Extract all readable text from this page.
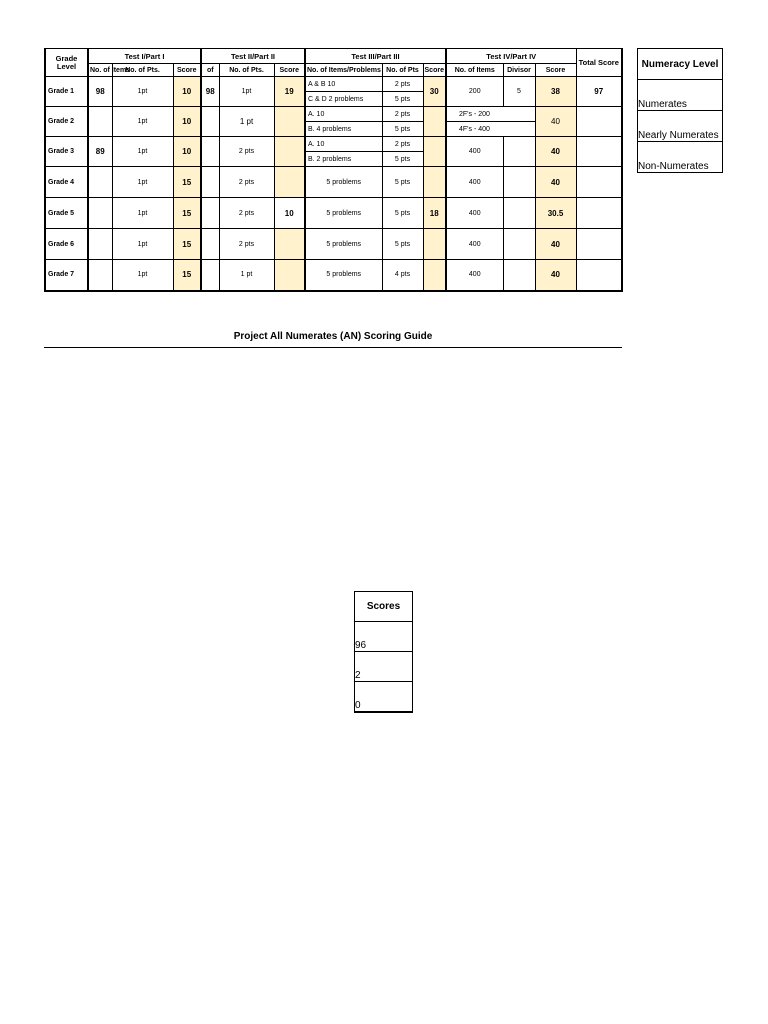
Grade Level	Test I/Part I			Test II/Part II			Test III/Part III			Test IV/Part IV			Total Score
	No. of Items	No. of Pts.	Score	of	No. of Pts.	Score	No. of Items/Problems	No. of Pts	Score	No. of Items	Divisor	Score	
Grade 1	98	1pt	10	98	1pt	19	A & B 10	2 pts	30	200	5	38	97
							C & D 2 problems	5 pts					
Grade 2		1pt	10		1 pt		A. 10	2 pts		2F's - 200		40	
							B. 4 problems	5 pts		4F's - 400			
Grade 3	89	1pt	10		2 pts		A. 10	2 pts		400		40	
							B. 2 problems	5 pts					
Grade 4		1pt	15		2 pts		5 problems	5 pts		400		40	
Grade 5		1pt	15		2 pts	10	5 problems	5 pts	18	400		30.5	
Grade 6		1pt	15		2 pts		5 problems	5 pts		400		40	
Grade 7		1pt	15		1 pt		5 problems	4 pts		400		40	
Numeracy Level
Numerates
Nearly Numerates
Non-Numerates
Project All Numerates (AN) Scoring Guide
Scores
96
2
0
